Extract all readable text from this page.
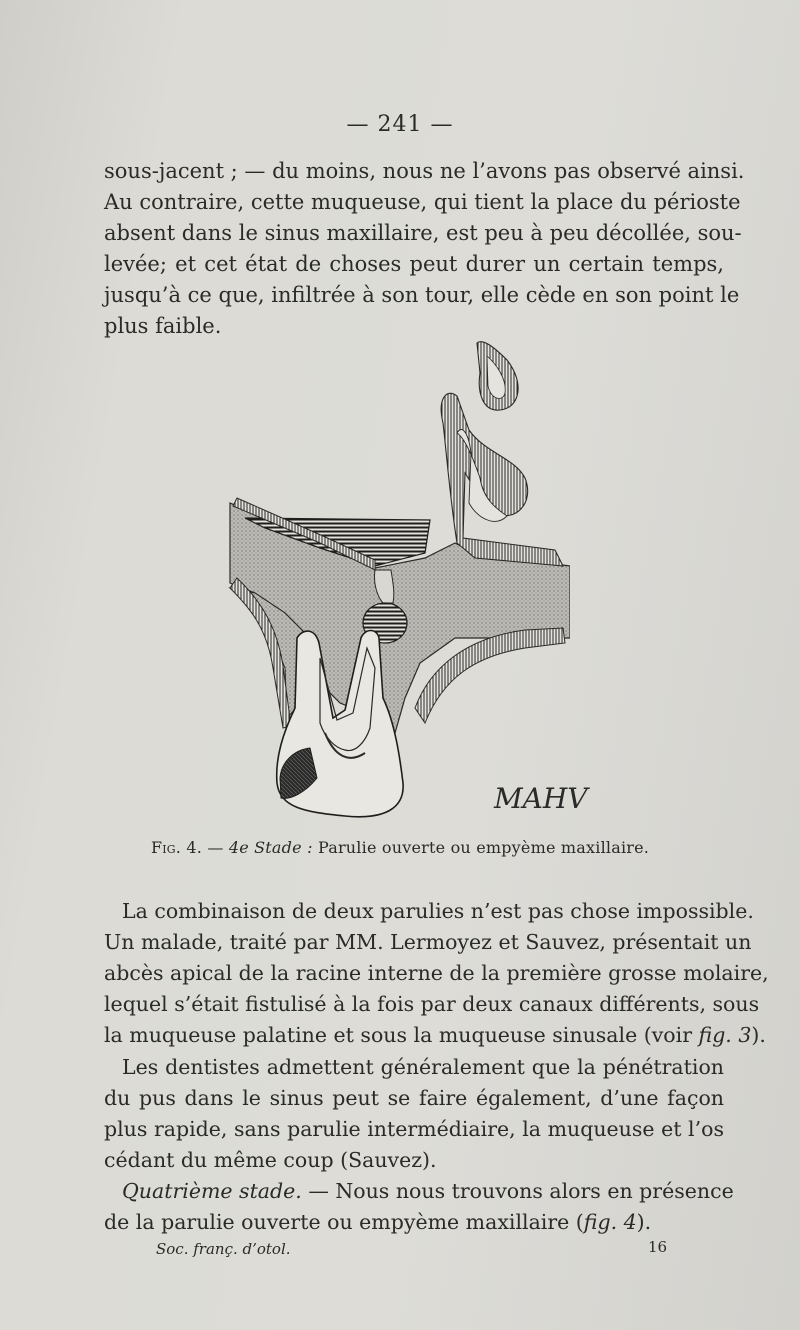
— 241 —
sous-jacent ; — du moins, nous ne l’avons pas observé ainsi.
Au contraire, cette muqueuse, qui tient la place du périoste
absent dans le sinus maxillaire, est peu à peu décollée, sou-
levée; et cet état de choses peut durer un certain temps,
jusqu’à ce que, infiltrée à son tour, elle cède en son point le
plus faible.
MAHV
Fig. 4. — 4e Stade : Parulie ouverte ou empyème maxillaire.
La combinaison de deux parulies n’est pas chose impossible.
Un malade, traité par MM. Lermoyez et Sauvez, présentait un
abcès apical de la racine interne de la première grosse molaire,
lequel s’était fistulisé à la fois par deux canaux différents, sous
la muqueuse palatine et sous la muqueuse sinusale (voir fig. 3).
Les dentistes admettent généralement que la pénétration
du pus dans le sinus peut se faire également, d’une façon
plus rapide, sans parulie intermédiaire, la muqueuse et l’os
cédant du même coup (Sauvez).
Quatrième stade. — Nous nous trouvons alors en présence
de la parulie ouverte ou empyème maxillaire (fig. 4).
Soc. franç. d’otol.	16
